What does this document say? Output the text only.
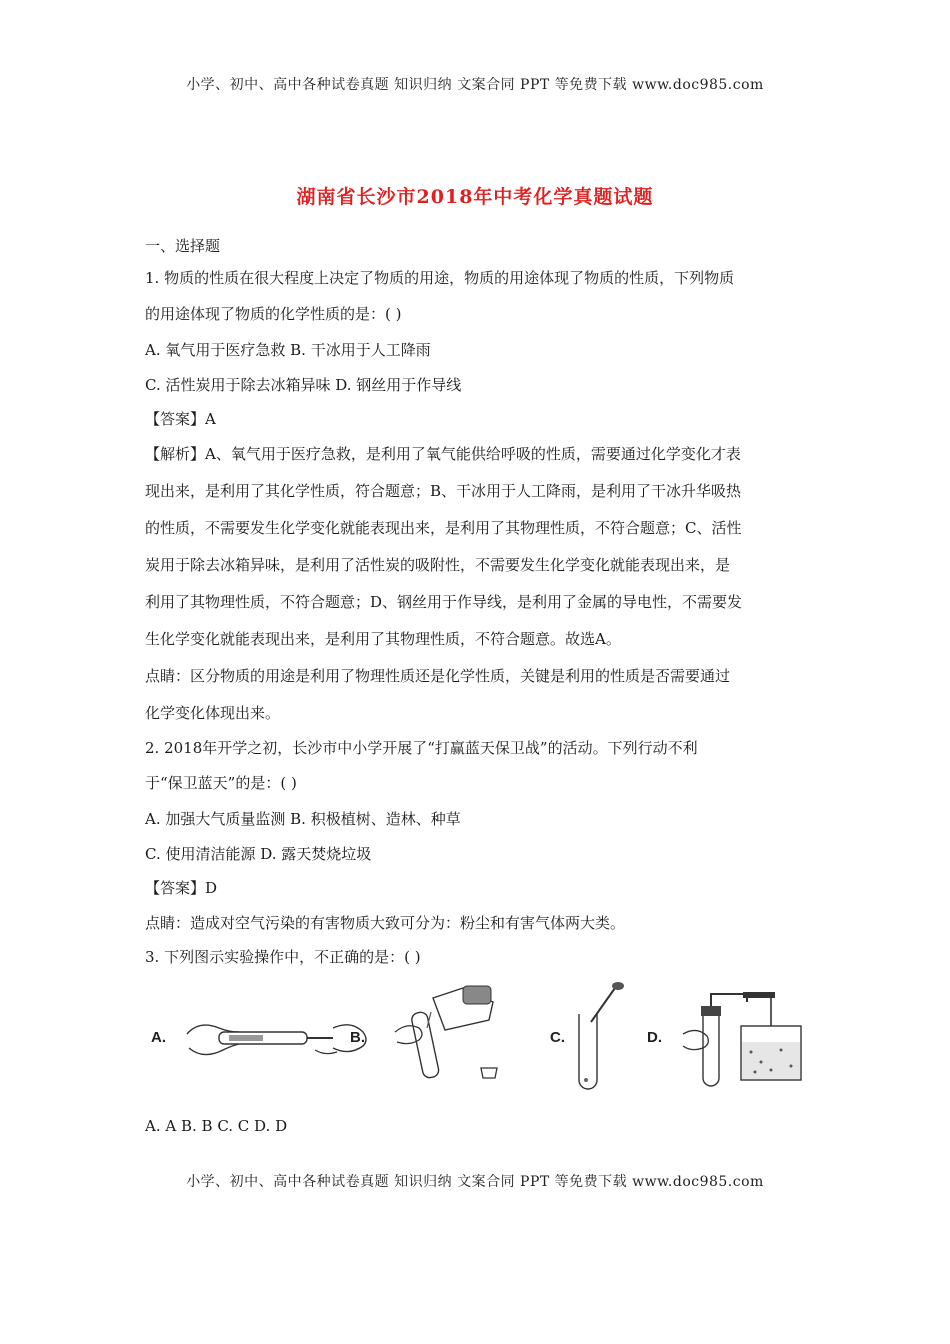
小学、初中、高中各种试卷真题 知识归纳 文案合同 PPT 等免费下载 www.doc985.com
湖南省长沙市2018年中考化学真题试题
一、选择题
1. 物质的性质在很大程度上决定了物质的用途，物质的用途体现了物质的性质，下列物质
的用途体现了物质的化学性质的是：( )
A. 氧气用于医疗急救 B. 干冰用于人工降雨
C. 活性炭用于除去冰箱异味 D. 钢丝用于作导线
【答案】A
【解析】A、氧气用于医疗急救，是利用了氧气能供给呼吸的性质，需要通过化学变化才表
现出来，是利用了其化学性质，符合题意；B、干冰用于人工降雨，是利用了干冰升华吸热
的性质，不需要发生化学变化就能表现出来，是利用了其物理性质，不符合题意；C、活性
炭用于除去冰箱异味，是利用了活性炭的吸附性，不需要发生化学变化就能表现出来，是
利用了其物理性质，不符合题意；D、钢丝用于作导线，是利用了金属的导电性，不需要发
生化学变化就能表现出来，是利用了其物理性质，不符合题意。故选A。
点睛：区分物质的用途是利用了物理性质还是化学性质，关键是利用的性质是否需要通过
化学变化体现出来。
2. 2018年开学之初，长沙市中小学开展了“打赢蓝天保卫战”的活动。下列行动不利
于“保卫蓝天”的是：( )
A. 加强大气质量监测 B. 积极植树、造林、种草
C. 使用清洁能源 D. 露天焚烧垃圾
【答案】D
点睛：造成对空气污染的有害物质大致可分为：粉尘和有害气体两大类。
3. 下列图示实验操作中，不正确的是：( )
A.	B.	C.	D.
A. A B. B C. C D. D
小学、初中、高中各种试卷真题 知识归纳 文案合同 PPT 等免费下载 www.doc985.com
